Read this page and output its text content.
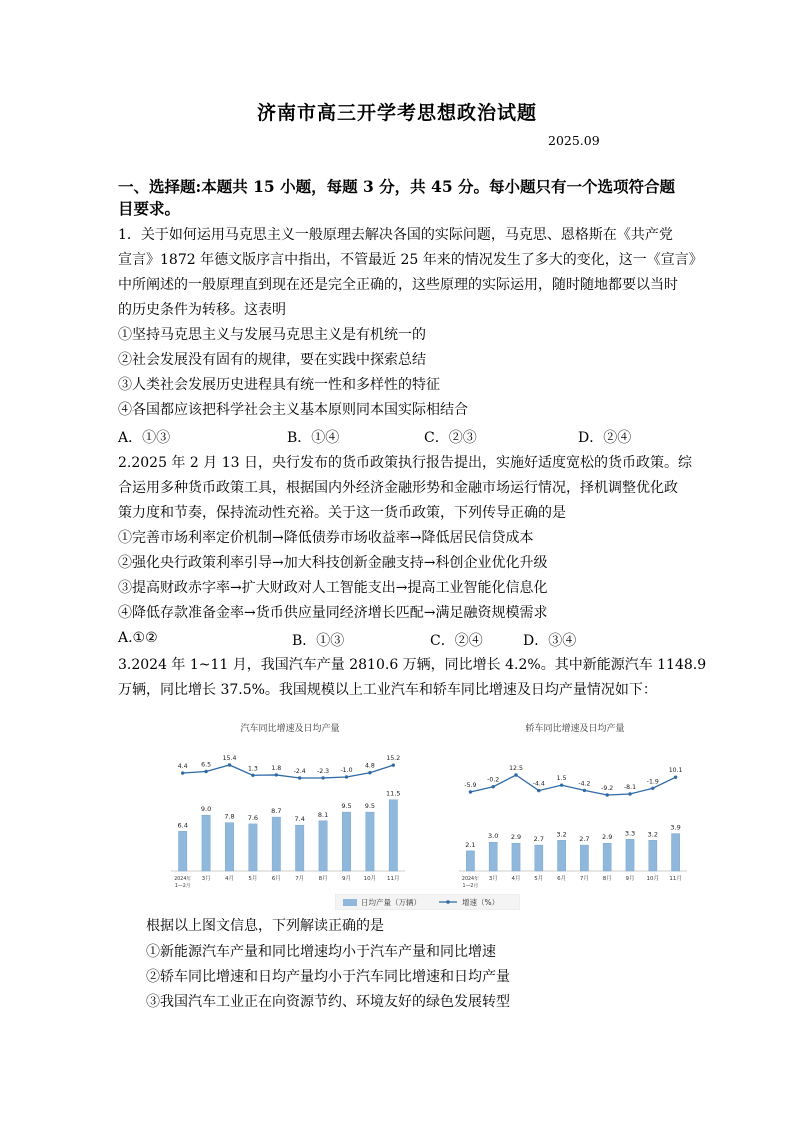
济南市高三开学考思想政治试题
2025.09
一、选择题:本题共 15 小题，每题 3 分，共 45 分。每小题只有一个选项符合题
目要求。
1．关于如何运用马克思主义一般原理去解决各国的实际问题，马克思、恩格斯在《共产党
宣言》1872 年德文版序言中指出，不管最近 25 年来的情况发生了多大的变化，这一《宣言》
中所阐述的一般原理直到现在还是完全正确的，这些原理的实际运用，随时随地都要以当时
的历史条件为转移。这表明
①坚持马克思主义与发展马克思主义是有机统一的
②社会发展没有固有的规律，要在实践中探索总结
③人类社会发展历史进程具有统一性和多样性的特征
④各国都应该把科学社会主义基本原则同本国实际相结合
A．①③	B．①④	C．②③	D．②④
2.2025 年 2 月 13 日，央行发布的货币政策执行报告提出，实施好适度宽松的货币政策。综
合运用多种货币政策工具，根据国内外经济金融形势和金融市场运行情况，择机调整优化政
策力度和节奏，保持流动性充裕。关于这一货币政策，下列传导正确的是
①完善市场利率定价机制→降低债券市场收益率→降低居民信贷成本
②强化央行政策利率引导→加大科技创新金融支持→科创企业优化升级
③提高财政赤字率→扩大财政对人工智能支出→提高工业智能化信息化
④降低存款准备金率→货币供应量同经济增长匹配→满足融资规模需求
A.①②	B．①③	C．②④	D．③④
3.2024 年 1~11 月，我国汽车产量 2810.6 万辆，同比增长 4.2%。其中新能源汽车 1148.9
万辆，同比增长 37.5%。我国规模以上工业汽车和轿车同比增速及日均产量情况如下：
汽车同比增速及日均产量
6.4
2024年
1—2月
9.0
3月
7.8
4月
7.6
5月
8.7
6月
7.4
7月
8.1
8月
9.5
9月
9.5
10月
11.5
11月
4.4 6.5
15.4
1.3 1.8 -2.4 -2.3 -1.0
4.8
15.2
轿车同比增速及日均产量
2.1
2024年
1—2月
3.0
3月
2.9
4月
2.7
5月
3.2
6月
2.7
7月
2.9
8月
3.3
9月
3.2
10月
3.9
11月
-5.9
-0.2
12.5
-4.4
1.5
-4.2
-9.2 -8.1
-1.9
10.1
日均产量（万辆）	增速（%）
根据以上图文信息，下列解读正确的是
①新能源汽车产量和同比增速均小于汽车产量和同比增速
②轿车同比增速和日均产量均小于汽车同比增速和日均产量
③我国汽车工业正在向资源节约、环境友好的绿色发展转型
